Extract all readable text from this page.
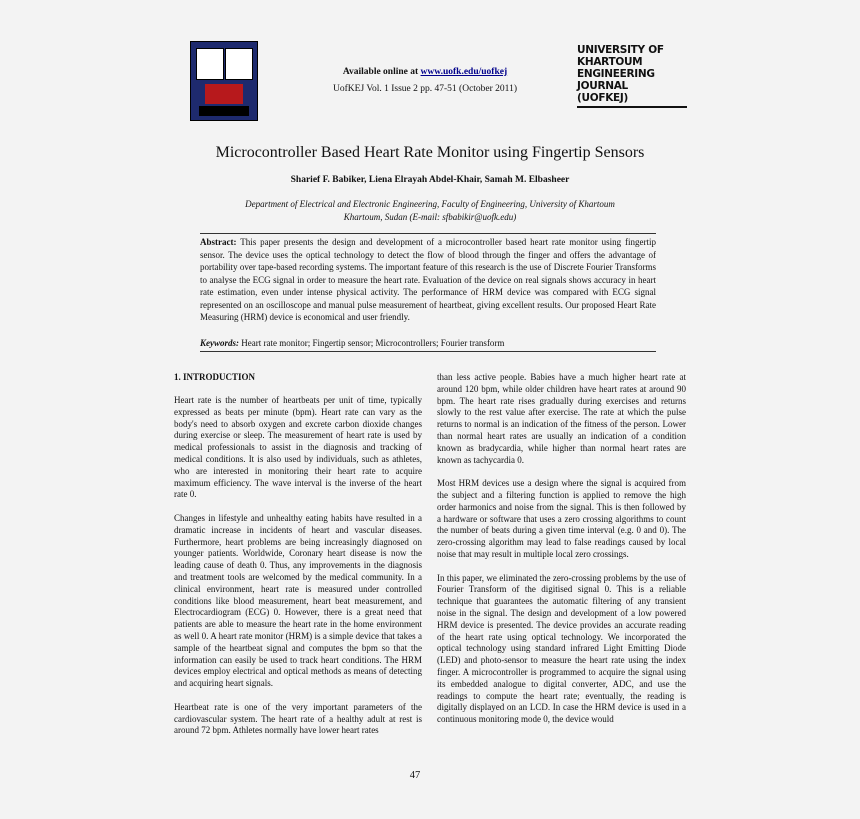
Available online at www.uofk.edu/uofkej
UofKEJ Vol. 1 Issue 2 pp. 47-51 (October 2011)
UNIVERSITY OF
KHARTOUM
ENGINEERING
JOURNAL
(UOFKEJ)
Microcontroller Based Heart Rate Monitor using Fingertip Sensors
Sharief F. Babiker, Liena Elrayah Abdel-Khair, Samah M. Elbasheer
Department of Electrical and Electronic Engineering, Faculty of Engineering, University of Khartoum
Khartoum, Sudan (E-mail: sfbabikir@uofk.edu)
Abstract: This paper presents the design and development of a microcontroller based heart rate monitor using fingertip sensor. The device uses the optical technology to detect the flow of blood through the finger and offers the advantage of portability over tape-based recording systems. The important feature of this research is the use of Discrete Fourier Transforms to analyse the ECG signal in order to measure the heart rate. Evaluation of the device on real signals shows accuracy in heart rate estimation, even under intense physical activity. The performance of HRM device was compared with ECG signal represented on an oscilloscope and manual pulse measurement of heartbeat, giving excellent results. Our proposed Heart Rate Measuring (HRM) device is economical and user friendly.
Keywords: Heart rate monitor; Fingertip sensor; Microcontrollers; Fourier transform
1. INTRODUCTION

Heart rate is the number of heartbeats per unit of time, typically expressed as beats per minute (bpm). Heart rate can vary as the body's need to absorb oxygen and excrete carbon dioxide changes during exercise or sleep. The measurement of heart rate is used by medical professionals to assist in the diagnosis and tracking of medical conditions. It is also used by individuals, such as athletes, who are interested in monitoring their heart rate to acquire maximum efficiency. The wave interval is the inverse of the heart rate 0.

Changes in lifestyle and unhealthy eating habits have resulted in a dramatic increase in incidents of heart and vascular diseases. Furthermore, heart problems are being increasingly diagnosed on younger patients. Worldwide, Coronary heart disease is now the leading cause of death 0. Thus, any improvements in the diagnosis and treatment tools are welcomed by the medical community. In a clinical environment, heart rate is measured under controlled conditions like blood measurement, heart beat measurement, and Electrocardiogram (ECG) 0. However, there is a great need that patients are able to measure the heart rate in the home environment as well 0. A heart rate monitor (HRM) is a simple device that takes a sample of the heartbeat signal and computes the bpm so that the information can easily be used to track heart conditions. The HRM devices employ electrical and optical methods as means of detecting and acquiring heart signals.

Heartbeat rate is one of the very important parameters of the cardiovascular system. The heart rate of a healthy adult at rest is around 72 bpm. Athletes normally have lower heart rates

than less active people. Babies have a much higher heart rate at around 120 bpm, while older children have heart rates at around 90 bpm. The heart rate rises gradually during exercises and returns slowly to the rest value after exercise. The rate at which the pulse returns to normal is an indication of the fitness of the person. Lower than normal heart rates are usually an indication of a condition known as bradycardia, while higher than normal heart rates are known as tachycardia 0.

Most HRM devices use a design where the signal is acquired from the subject and a filtering function is applied to remove the high order harmonics and noise from the signal. This is then followed by a hardware or software that uses a zero crossing algorithms to count the number of beats during a given time interval (e.g. 0 and 0). The zero-crossing algorithm may lead to false readings caused by local noise that may result in multiple local zero crossings.

In this paper, we eliminated the zero-crossing problems by the use of Fourier Transform of the digitised signal 0. This is a reliable technique that guarantees the automatic filtering of any transient noise in the signal. The design and development of a low powered HRM device is presented. The device provides an accurate reading of the heart rate using optical technology. We incorporated the optical technology using standard infrared Light Emitting Diode (LED) and photo-sensor to measure the heart rate using the index finger. A microcontroller is programmed to acquire the signal using its embedded analogue to digital converter, ADC, and use the readings to compute the heart rate; eventually, the reading is digitally displayed on an LCD. In case the HRM device is used in a continuous monitoring mode 0, the device would

47
